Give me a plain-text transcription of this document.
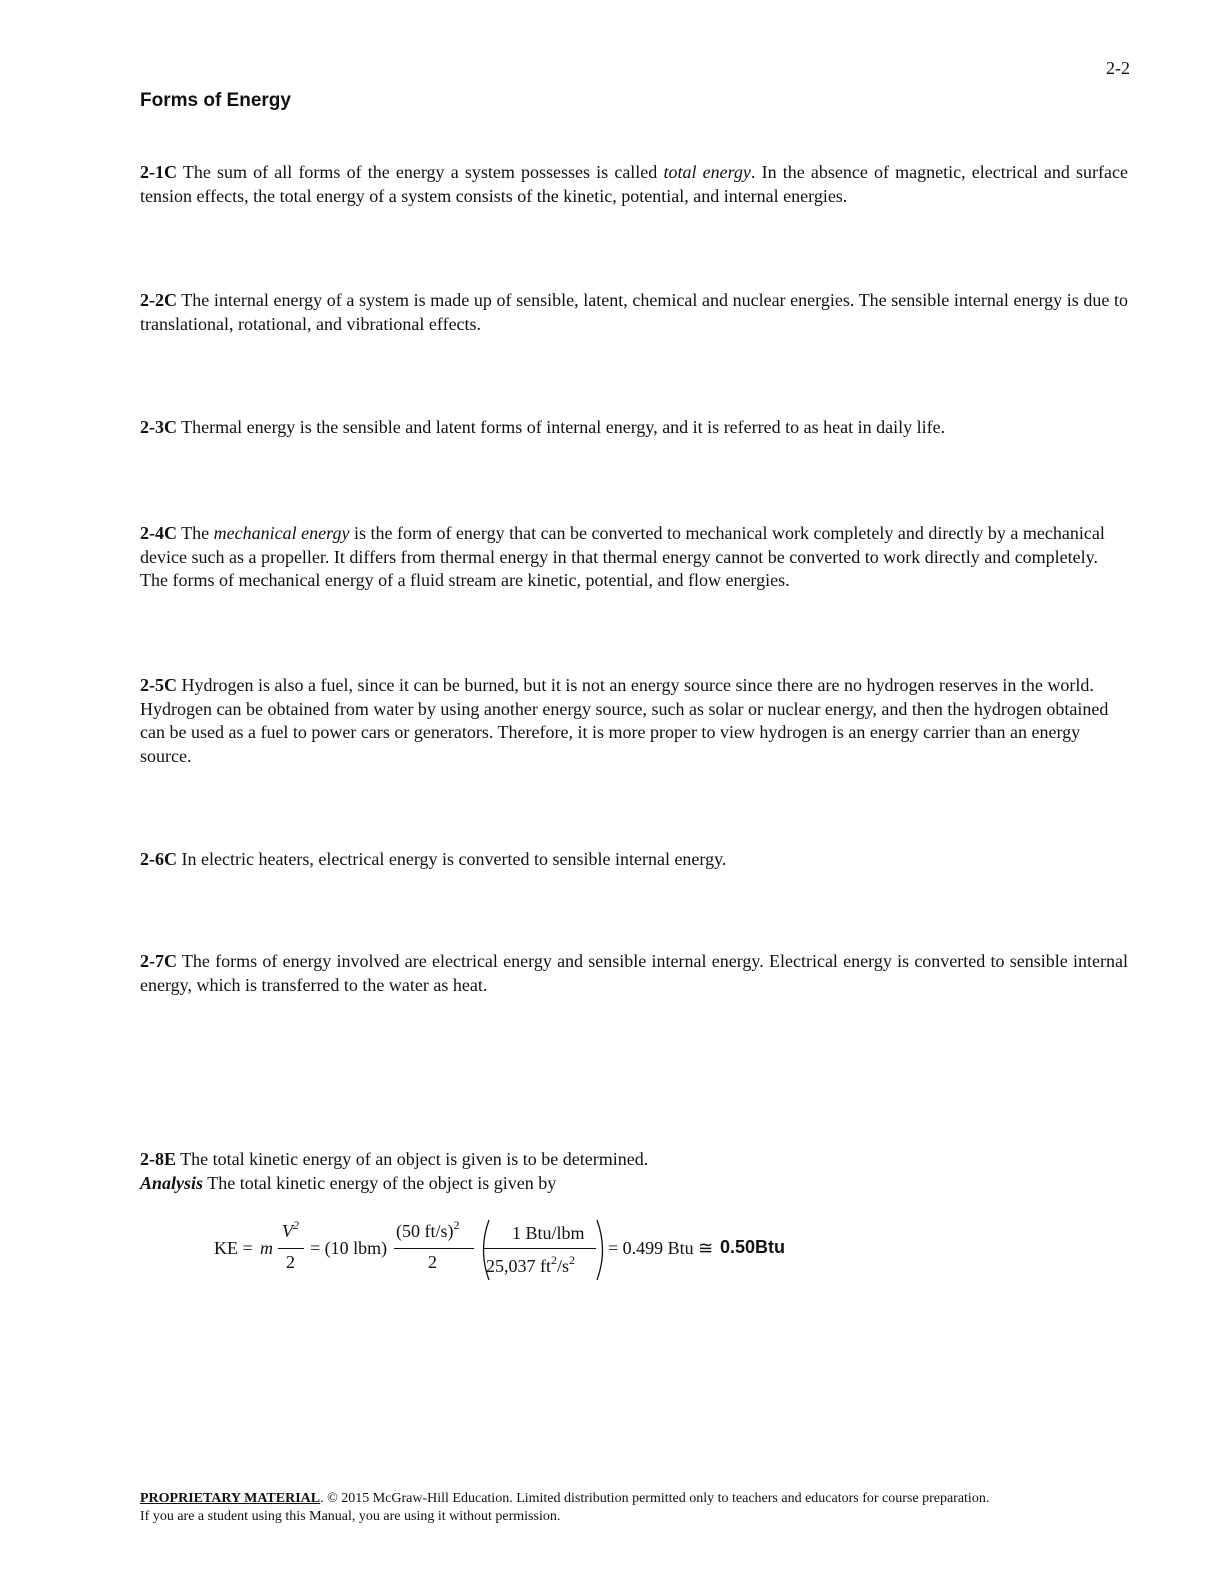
2-2
Forms of Energy

2-1C The sum of all forms of the energy a system possesses is called total energy. In the absence of magnetic, electrical and surface tension effects, the total energy of a system consists of the kinetic, potential, and internal energies.

2-2C The internal energy of a system is made up of sensible, latent, chemical and nuclear energies. The sensible internal energy is due to translational, rotational, and vibrational effects.

2-3C Thermal energy is the sensible and latent forms of internal energy, and it is referred to as heat in daily life.

2-4C The mechanical energy is the form of energy that can be converted to mechanical work completely and directly by a mechanical device such as a propeller. It differs from thermal energy in that thermal energy cannot be converted to work directly and completely. The forms of mechanical energy of a fluid stream are kinetic, potential, and flow energies.

2-5C Hydrogen is also a fuel, since it can be burned, but it is not an energy source since there are no hydrogen reserves in the world. Hydrogen can be obtained from water by using another energy source, such as solar or nuclear energy, and then the hydrogen obtained can be used as a fuel to power cars or generators. Therefore, it is more proper to view hydrogen is an energy carrier than an energy source.

2-6C In electric heaters, electrical energy is converted to sensible internal energy.

2-7C The forms of energy involved are electrical energy and sensible internal energy. Electrical energy is converted to sensible internal energy, which is transferred to the water as heat.

2-8E The total kinetic energy of an object is given is to be determined.
Analysis The total kinetic energy of the object is given by

KE = m
$V^2$
2
= (10 lbm)
(50 ft/s)$^2$
2
1 Btu/lbm
25,037 $ft^2/s^2$
= 0.499 Btu ≅ 0.50Btu
PROPRIETARY MATERIAL. © 2015 McGraw-Hill Education. Limited distribution permitted only to teachers and educators for course preparation.
If you are a student using this Manual, you are using it without permission.
